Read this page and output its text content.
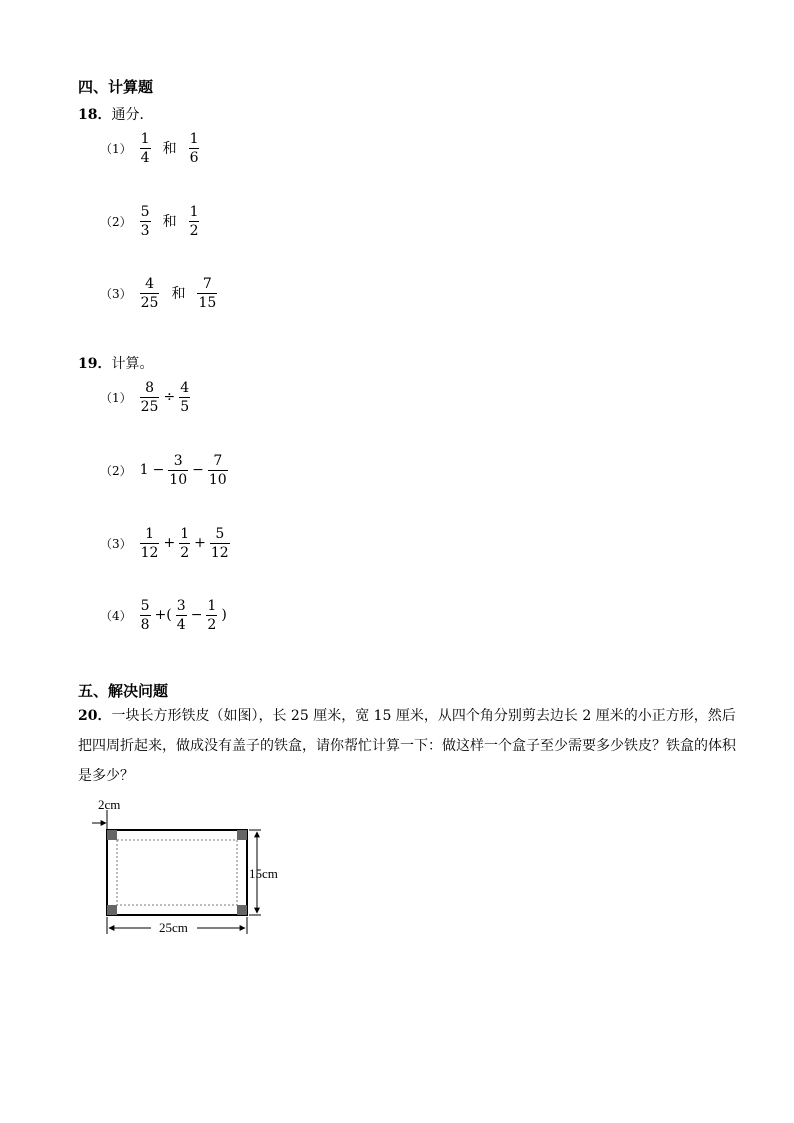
四、计算题
18．通分．
$(1) \frac{1}{4}$ 和 $\frac{1}{6}$
$(2) \frac{5}{3}$ 和 $\frac{1}{2}$
$(3) \frac{4}{25}$ 和 $\frac{7}{15}$
19．计算。
$(1) \frac{8}{25} \div \frac{4}{5}$
（2） $1 - \frac{3}{10} - \frac{7}{10}$
$(3) \frac{1}{12} + \frac{1}{2} + \frac{5}{12}$
$(4) \frac{5}{8}$ +( $\frac{3}{4} - \frac{1}{2}$ )
五、解决问题
20．一块长方形铁皮（如图），长 25 厘米，宽 15 厘米，从四个角分别剪去边长 2 厘米的小正方形，然后把四周折起来，做成没有盖子的铁盒，请你帮忙计算一下：做这样一个盒子至少需要多少铁皮？铁盒的体积是多少？
2cm
15cm
25cm
